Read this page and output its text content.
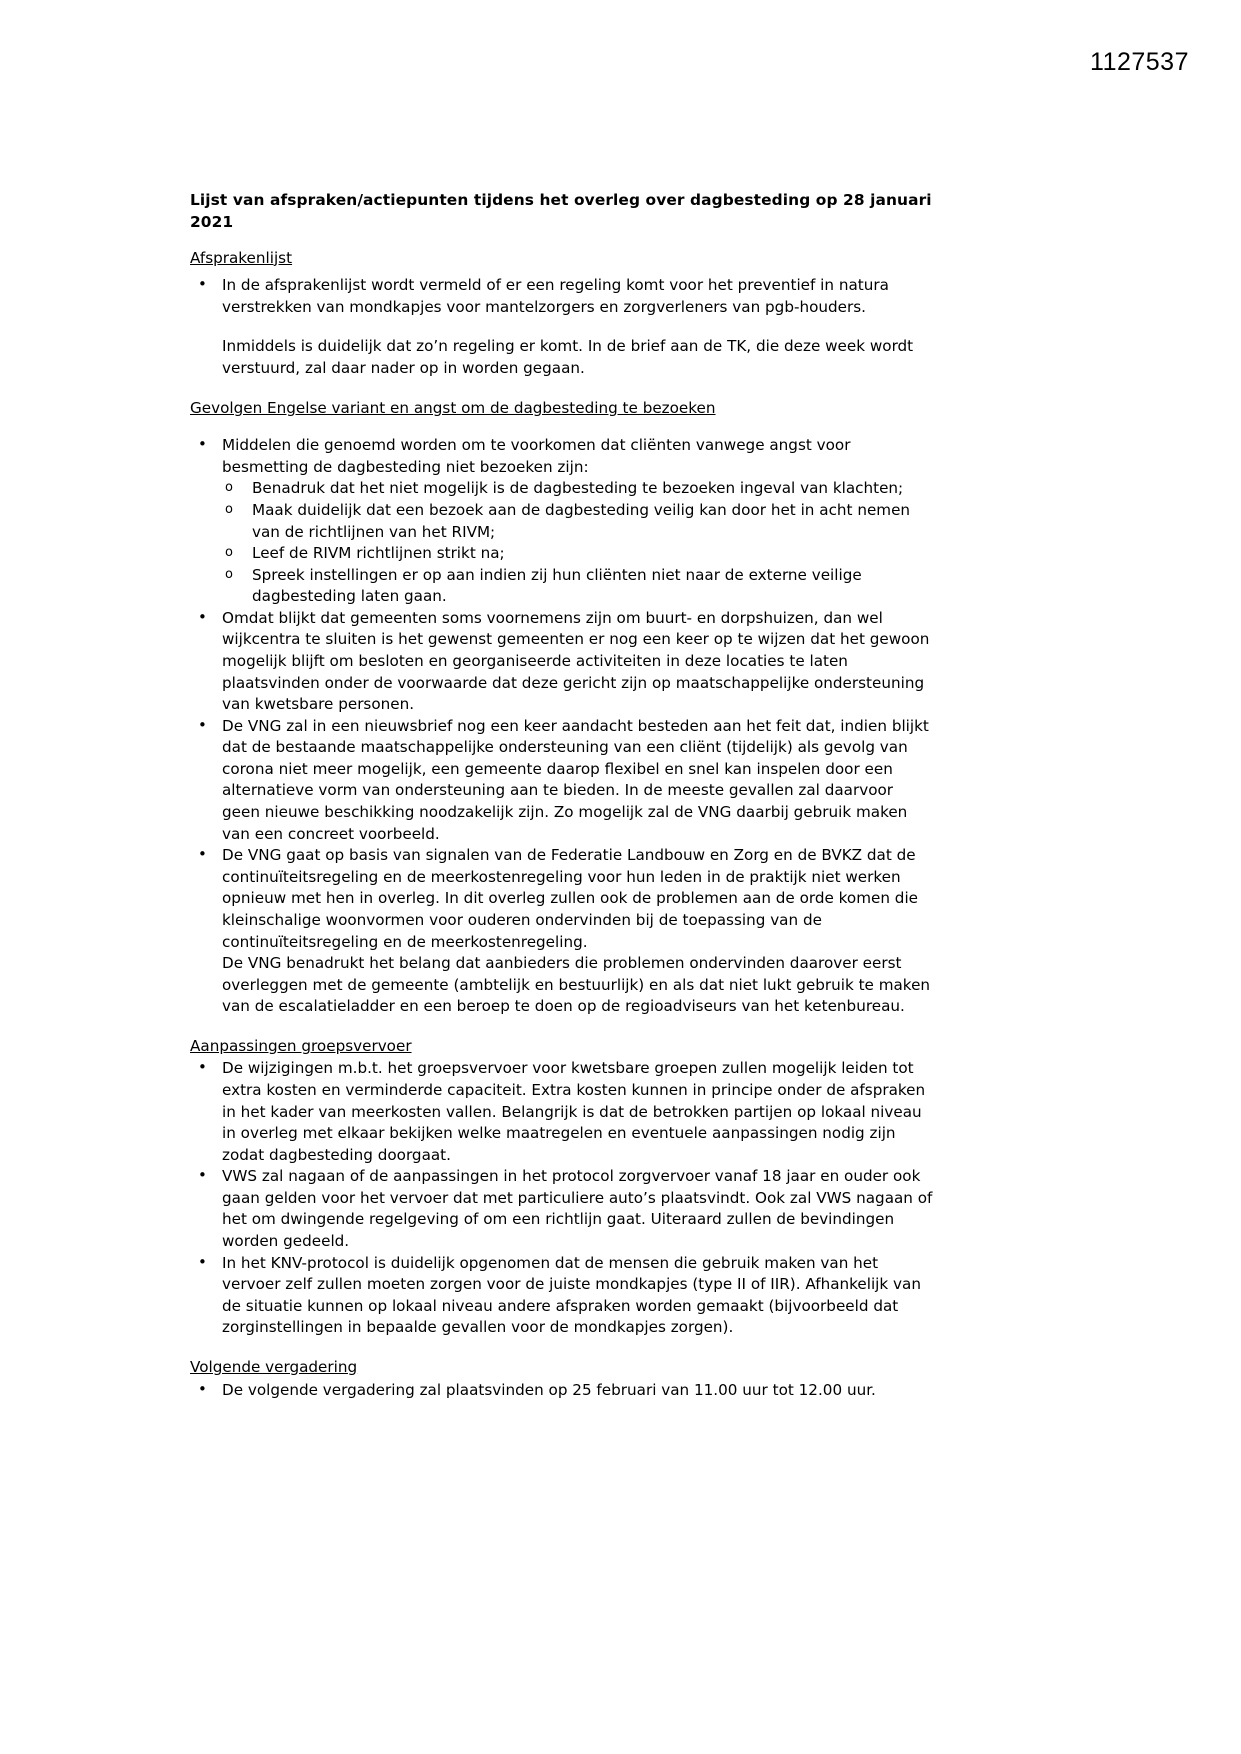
1127537
Lijst van afspraken/actiepunten tijdens het overleg over dagbesteding op 28 januari 2021
Afsprakenlijst
• In de afsprakenlijst wordt vermeld of er een regeling komt voor het preventief in natura verstrekken van mondkapjes voor mantelzorgers en zorgverleners van pgb-houders.

Inmiddels is duidelijk dat zo’n regeling er komt. In de brief aan de TK, die deze week wordt verstuurd, zal daar nader op in worden gegaan.

Gevolgen Engelse variant en angst om de dagbesteding te bezoeken
• Middelen die genoemd worden om te voorkomen dat cliënten vanwege angst voor besmetting de dagbesteding niet bezoeken zijn:
o Benadruk dat het niet mogelijk is de dagbesteding te bezoeken ingeval van klachten;
o Maak duidelijk dat een bezoek aan de dagbesteding veilig kan door het in acht nemen van de richtlijnen van het RIVM;
o Leef de RIVM richtlijnen strikt na;
o Spreek instellingen er op aan indien zij hun cliënten niet naar de externe veilige dagbesteding laten gaan.
• Omdat blijkt dat gemeenten soms voornemens zijn om buurt- en dorpshuizen, dan wel wijkcentra te sluiten is het gewenst gemeenten er nog een keer op te wijzen dat het gewoon mogelijk blijft om besloten en georganiseerde activiteiten in deze locaties te laten plaatsvinden onder de voorwaarde dat deze gericht zijn op maatschappelijke ondersteuning van kwetsbare personen.
• De VNG zal in een nieuwsbrief nog een keer aandacht besteden aan het feit dat, indien blijkt dat de bestaande maatschappelijke ondersteuning van een cliënt (tijdelijk) als gevolg van corona niet meer mogelijk, een gemeente daarop flexibel en snel kan inspelen door een alternatieve vorm van ondersteuning aan te bieden. In de meeste gevallen zal daarvoor geen nieuwe beschikking noodzakelijk zijn. Zo mogelijk zal de VNG daarbij gebruik maken van een concreet voorbeeld.
• De VNG gaat op basis van signalen van de Federatie Landbouw en Zorg en de BVKZ dat de continuïteitsregeling en de meerkostenregeling voor hun leden in de praktijk niet werken opnieuw met hen in overleg. In dit overleg zullen ook de problemen aan de orde komen die kleinschalige woonvormen voor ouderen ondervinden bij de toepassing van de continuïteitsregeling en de meerkostenregeling.

De VNG benadrukt het belang dat aanbieders die problemen ondervinden daarover eerst overleggen met de gemeente (ambtelijk en bestuurlijk) en als dat niet lukt gebruik te maken van de escalatieladder en een beroep te doen op de regioadviseurs van het ketenbureau.

Aanpassingen groepsvervoer
• De wijzigingen m.b.t. het groepsvervoer voor kwetsbare groepen zullen mogelijk leiden tot extra kosten en verminderde capaciteit. Extra kosten kunnen in principe onder de afspraken in het kader van meerkosten vallen. Belangrijk is dat de betrokken partijen op lokaal niveau in overleg met elkaar bekijken welke maatregelen en eventuele aanpassingen nodig zijn zodat dagbesteding doorgaat.
• VWS zal nagaan of de aanpassingen in het protocol zorgvervoer vanaf 18 jaar en ouder ook gaan gelden voor het vervoer dat met particuliere auto’s plaatsvindt. Ook zal VWS nagaan of het om dwingende regelgeving of om een richtlijn gaat. Uiteraard zullen de bevindingen worden gedeeld.
• In het KNV-protocol is duidelijk opgenomen dat de mensen die gebruik maken van het vervoer zelf zullen moeten zorgen voor de juiste mondkapjes (type II of IIR). Afhankelijk van de situatie kunnen op lokaal niveau andere afspraken worden gemaakt (bijvoorbeeld dat zorginstellingen in bepaalde gevallen voor de mondkapjes zorgen).
Volgende vergadering
• De volgende vergadering zal plaatsvinden op 25 februari van 11.00 uur tot 12.00 uur.
